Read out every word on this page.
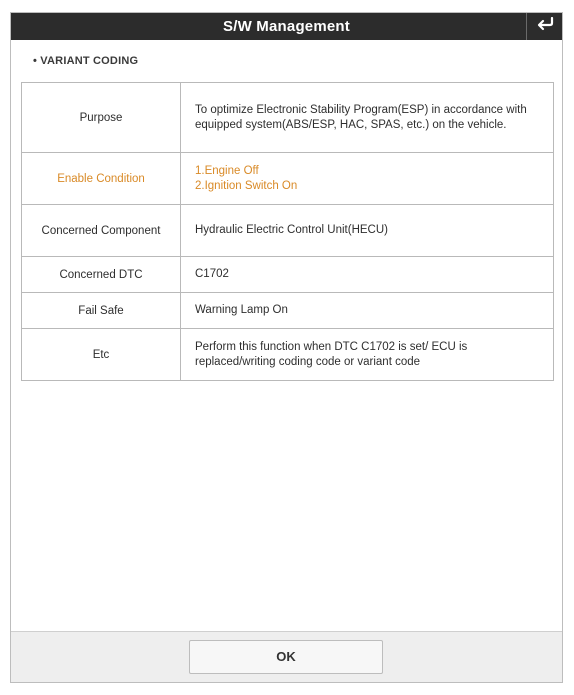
S/W Management
• VARIANT CODING
Purpose	To optimize Electronic Stability Program(ESP) in accordance with equipped system(ABS/ESP, HAC, SPAS, etc.) on the vehicle.
Enable Condition	1.Engine Off
2.Ignition Switch On

Concerned Component	Hydraulic Electric Control Unit(HECU)
Concerned DTC	C1702
Fail Safe	Warning Lamp On
Etc	Perform this function when DTC C1702 is set/ ECU is replaced/writing coding code or variant code
OK
